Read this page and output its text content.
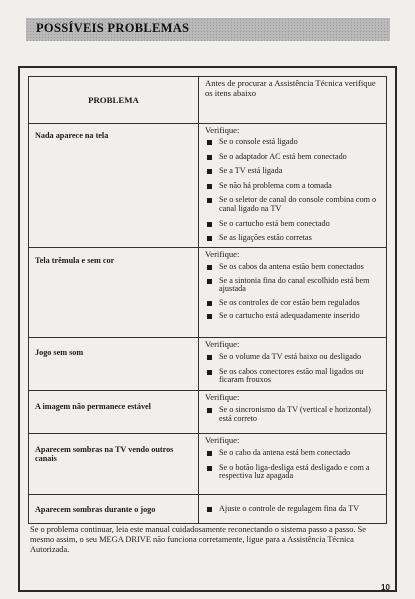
POSSÍVEIS PROBLEMAS
PROBLEMA
Antes de procurar a Assistência Técnica verifique os itens abaixo
Nada aparece na tela
Verifique:
Se o console está ligado
Se o adaptador AC está bem conectado
Se a TV está ligada
Se não há problema com a tomada
Se o seletor de canal do console combina com o canal ligado na TV
Se o cartucho está bem conectado
Se as ligações estão corretas
Tela trêmula e sem cor
Verifique:
Se os cabos da antena estão bem conectados
Se a sintonia fina do canal escolhido está bem ajustada
Se os controles de cor estão bem regulados
Se o cartucho está adequadamente inserido
Jogo sem som
Verifique:
Se o volume da TV está baixo ou desligado
Se os cabos conectores estão mal ligados ou ficaram frouxos
A imagem não permanece estável
Verifique:
Se o sincronismo da TV (vertical e horizontal) está correto
Aparecem sombras na TV vendo outros canais
Verifique:
Se o cabo da antena está bem conectado
Se o botão liga-desliga está desligado e com a respectiva luz apagada
Aparecem sombras durante o jogo	Ajuste o controle de regulagem fina da TV
Se o problema continuar, leia este manual cuidadosamente reconectando o sistema passo a passo. Se mesmo assim, o seu MEGA DRIVE não funciona corretamente, ligue para a Assistência Técnica Autorizada.
10
